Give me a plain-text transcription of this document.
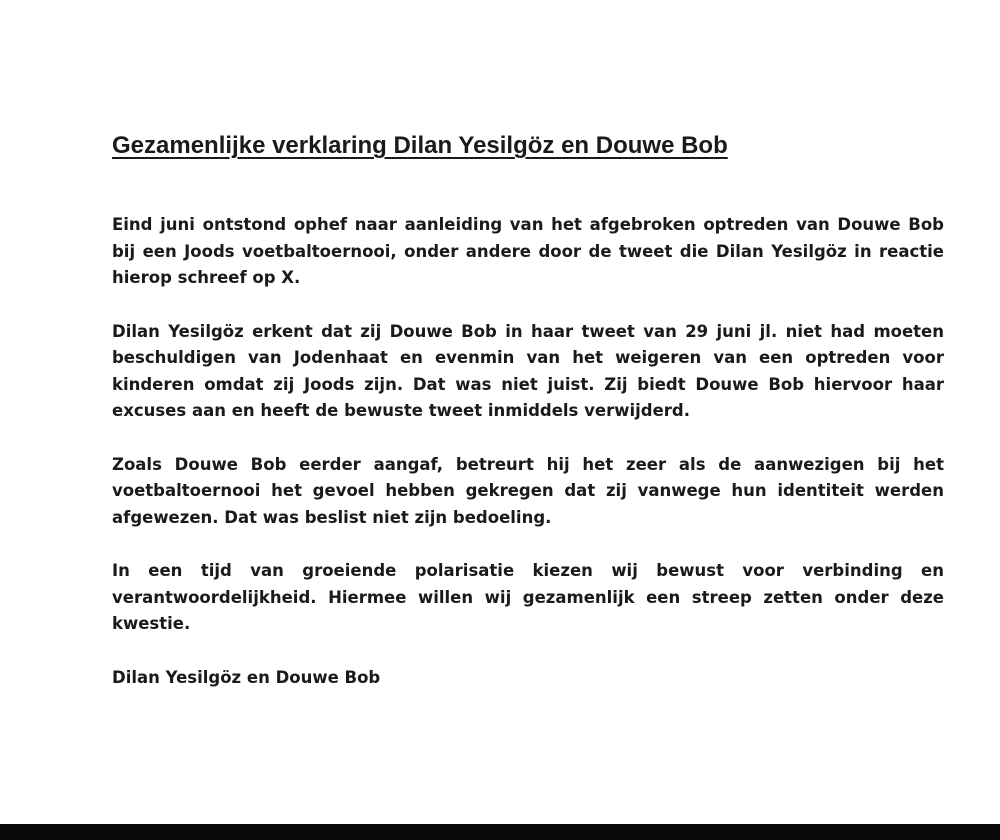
Gezamenlijke verklaring Dilan Yesilgöz en Douwe Bob

Eind juni ontstond ophef naar aanleiding van het afgebroken optreden van Douwe Bob bij een Joods voetbaltoernooi, onder andere door de tweet die Dilan Yesilgöz in reactie hierop schreef op X.

Dilan Yesilgöz erkent dat zij Douwe Bob in haar tweet van 29 juni jl. niet had moeten beschuldigen van Jodenhaat en evenmin van het weigeren van een optreden voor kinderen omdat zij Joods zijn. Dat was niet juist. Zij biedt Douwe Bob hiervoor haar excuses aan en heeft de bewuste tweet inmiddels verwijderd.

Zoals Douwe Bob eerder aangaf, betreurt hij het zeer als de aanwezigen bij het voetbaltoernooi het gevoel hebben gekregen dat zij vanwege hun identiteit werden afgewezen. Dat was beslist niet zijn bedoeling.

In een tijd van groeiende polarisatie kiezen wij bewust voor verbinding en verantwoordelijkheid. Hiermee willen wij gezamenlijk een streep zetten onder deze kwestie.

Dilan Yesilgöz en Douwe Bob
